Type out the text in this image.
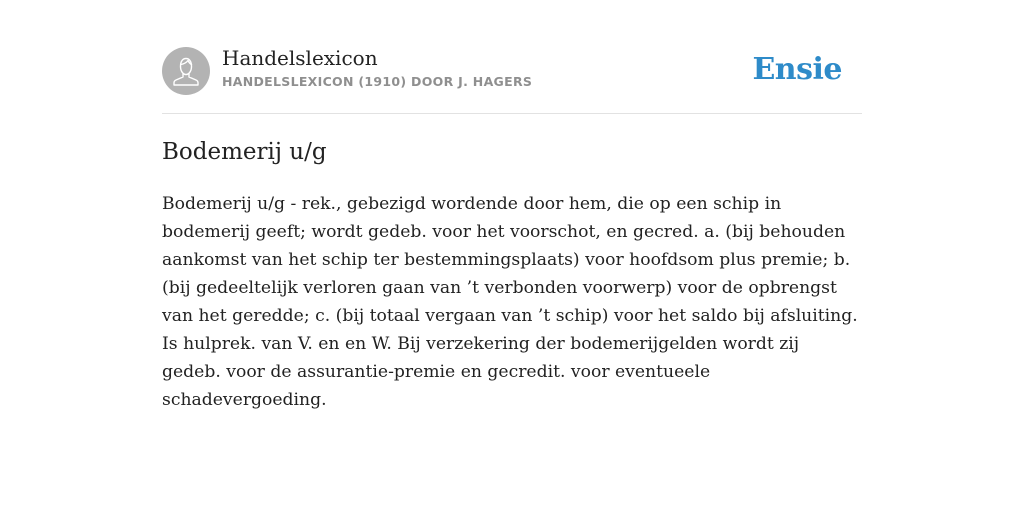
Handelslexicon
HANDELSLEXICON (1910) DOOR J. HAGERS	Ensie
Bodemerij u/g

Bodemerij u/g - rek., gebezigd wordende door hem, die op een schip in bodemerij geeft; wordt gedeb. voor het voorschot, en gecred. a. (bij behouden aankomst van het schip ter bestemmingsplaats) voor hoofdsom plus premie; b. (bij gedeeltelijk verloren gaan van ’t verbonden voorwerp) voor de opbrengst van het geredde; c. (bij totaal vergaan van ’t schip) voor het saldo bij afsluiting. Is hulprek. van V. en en W. Bij verzekering der bodemerijgelden wordt zij gedeb. voor de assurantie-premie en gecredit. voor eventueele schadevergoeding.
